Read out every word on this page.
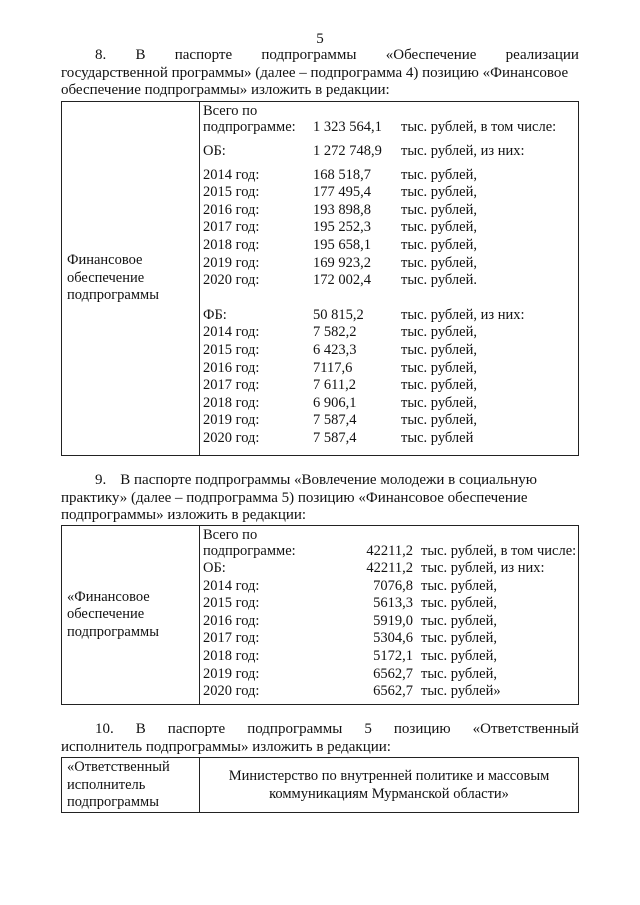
5
8. В паспорте подпрограммы «Обеспечение реализации
государственной программы» (далее – подпрограмма 4) позицию «Финансовое
обеспечение подпрограммы» изложить в редакции:
Финансовое
обеспечение
подпрограммы

Всего по
подпрограмме:	1 323 564,1	тыс. рублей, в том числе:
ОБ:	1 272 748,9	тыс. рублей, из них:
2014 год:	168 518,7	тыс. рублей,
2015 год:	177 495,4	тыс. рублей,
2016 год:	193 898,8	тыс. рублей,
2017 год:	195 252,3	тыс. рублей,
2018 год:	195 658,1	тыс. рублей,
2019 год:	169 923,2	тыс. рублей,
2020 год:	172 002,4	тыс. рублей.
ФБ:	50 815,2	тыс. рублей, из них:
2014 год:	7 582,2	тыс. рублей,
2015 год:	6 423,3	тыс. рублей,
2016 год:	7117,6	тыс. рублей,
2017 год:	7 611,2	тыс. рублей,
2018 год:	6 906,1	тыс. рублей,
2019 год:	7 587,4	тыс. рублей,
2020 год:	7 587,4	тыс. рублей
9. В паспорте подпрограммы «Вовлечение молодежи в социальную
практику» (далее – подпрограмма 5) позицию «Финансовое обеспечение
подпрограммы» изложить в редакции:
«Финансовое
обеспечение
подпрограммы

Всего по
подпрограмме:	42211,2 тыс. рублей, в том числе:
ОБ:	42211,2 тыс. рублей, из них:
2014 год:	7076,8 тыс. рублей,
2015 год:	5613,3 тыс. рублей,
2016 год:	5919,0 тыс. рублей,
2017 год:	5304,6 тыс. рублей,
2018 год:	5172,1 тыс. рублей,
2019 год:	6562,7 тыс. рублей,
2020 год:	6562,7 тыс. рублей»
10. В паспорте подпрограммы 5 позицию «Ответственный
исполнитель подпрограммы» изложить в редакции:
«Ответственный
исполнитель
подпрограммы

Министерство по внутренней политике и массовым
коммуникациям Мурманской области»
